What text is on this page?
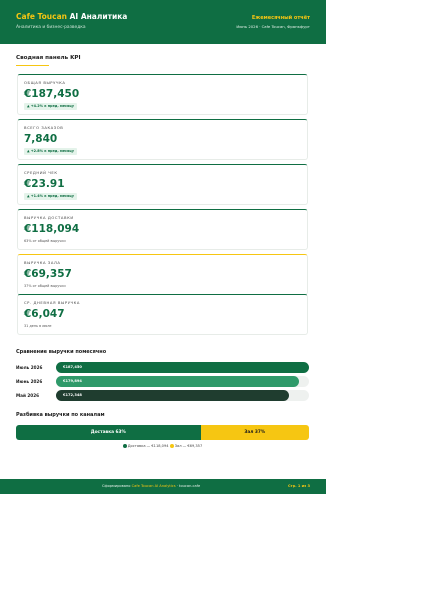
Cafe Toucan AI Аналитика
Аналитика и бизнес-разведка
Ежемесячный отчёт
Июнь 2026 · Cafe Toucan, Франкфурт
Сводная панель KPI
ОБЩАЯ ВЫРУЧКА
€187,450
▲ +4.2% к пред. месяцу
ВСЕГО ЗАКАЗОВ
7,840
▲ +2.8% к пред. месяцу
СРЕДНИЙ ЧЕК
€23.91
▲ +1.4% к пред. месяцу
ВЫРУЧКА ДОСТАВКИ
€118,094
63% от общей выручки
ВЫРУЧКА ЗАЛА
€69,357
37% от общей выручки
СР. ДНЕВНАЯ ВЫРУЧКА
€6,047
31 день в июле
Сравнение выручки помесячно
Июль 2026	€187,450
Июнь 2026	€179,894
Май 2026	€172,348
Разбивка выручки по каналам
Доставка 63%	Зал 37%
Доставка — €118,094 Зал — €69,357
Сформировано Cafe Toucan AI Analytics · toucan.cafe	Стр. 1 из 3
